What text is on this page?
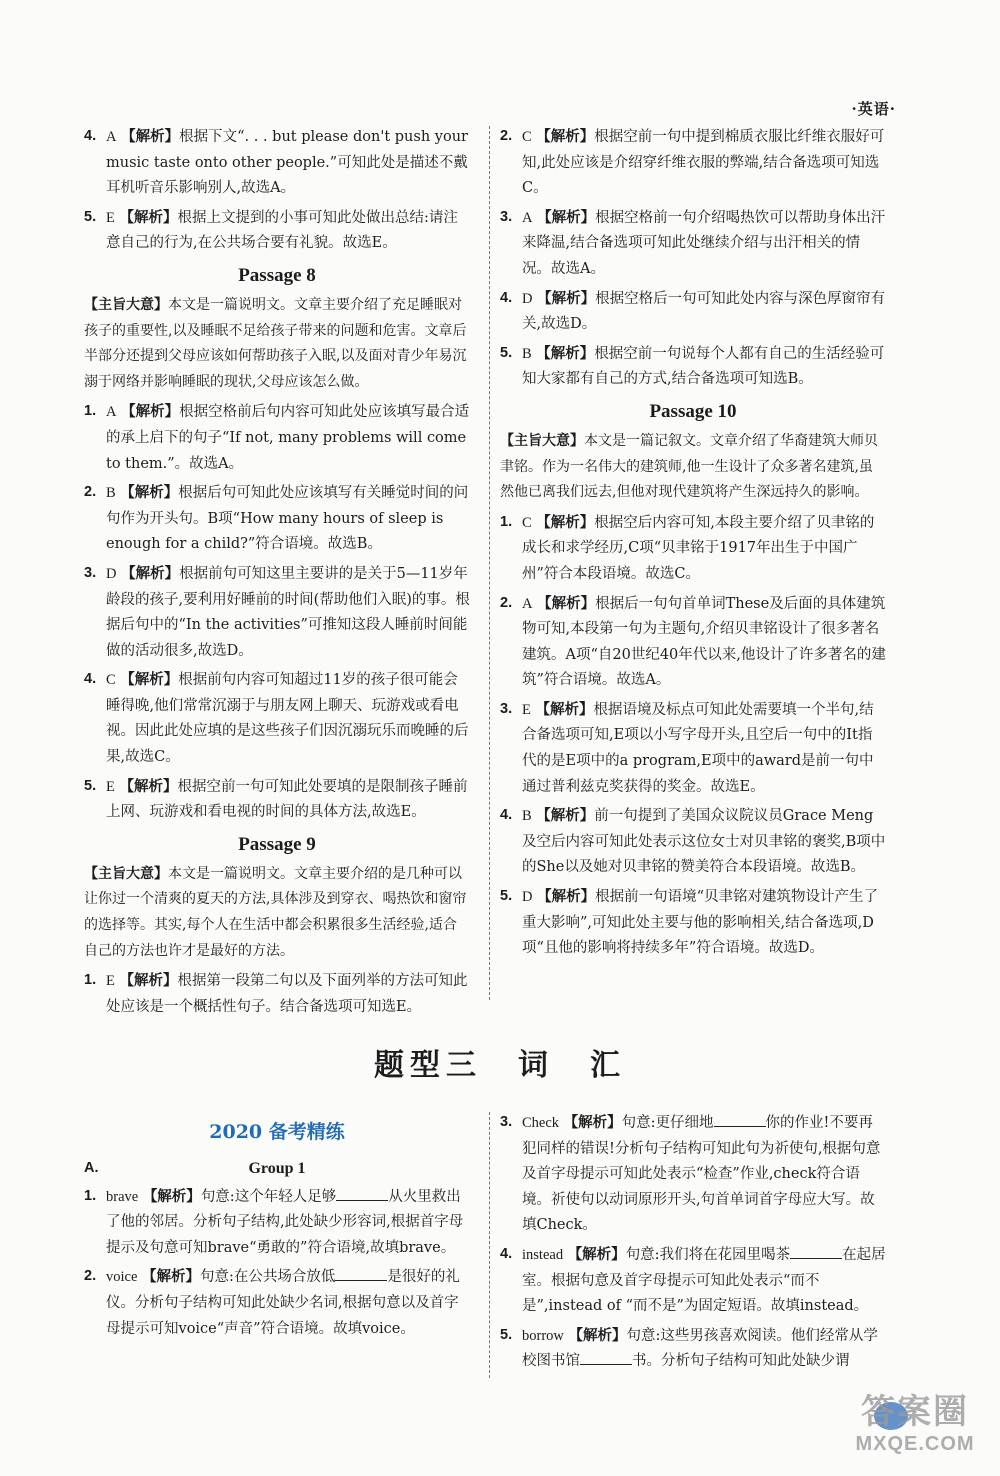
·英语·
4. A 【解析】根据下文“. . . but please don't push your music taste onto other people.”可知此处是描述不戴耳机听音乐影响别人,故选A。
5. E 【解析】根据上文提到的小事可知此处做出总结:请注意自己的行为,在公共场合要有礼貌。故选E。
Passage 8
【主旨大意】本文是一篇说明文。文章主要介绍了充足睡眠对孩子的重要性,以及睡眠不足给孩子带来的问题和危害。文章后半部分还提到父母应该如何帮助孩子入眠,以及面对青少年易沉溺于网络并影响睡眠的现状,父母应该怎么做。
1. A 【解析】根据空格前后句内容可知此处应该填写最合适的承上启下的句子“If not, many problems will come to them.”。故选A。
2. B 【解析】根据后句可知此处应该填写有关睡觉时间的问句作为开头句。B项“How many hours of sleep is enough for a child?”符合语境。故选B。
3. D 【解析】根据前句可知这里主要讲的是关于5—11岁年龄段的孩子,要利用好睡前的时间(帮助他们入眠)的事。根据后句中的“In the activities”可推知这段人睡前时间能做的活动很多,故选D。
4. C 【解析】根据前句内容可知超过11岁的孩子很可能会睡得晚,他们常常沉溺于与朋友网上聊天、玩游戏或看电视。因此此处应填的是这些孩子们因沉溺玩乐而晚睡的后果,故选C。
5. E 【解析】根据空前一句可知此处要填的是限制孩子睡前上网、玩游戏和看电视的时间的具体方法,故选E。
Passage 9
【主旨大意】本文是一篇说明文。文章主要介绍的是几种可以让你过一个清爽的夏天的方法,具体涉及到穿衣、喝热饮和窗帘的选择等。其实,每个人在生活中都会积累很多生活经验,适合自己的方法也许才是最好的方法。
1. E 【解析】根据第一段第二句以及下面列举的方法可知此处应该是一个概括性句子。结合备选项可知选E。
2. C 【解析】根据空前一句中提到棉质衣服比纤维衣服好可知,此处应该是介绍穿纤维衣服的弊端,结合备选项可知选C。
3. A 【解析】根据空格前一句介绍喝热饮可以帮助身体出汗来降温,结合备选项可知此处继续介绍与出汗相关的情况。故选A。
4. D 【解析】根据空格后一句可知此处内容与深色厚窗帘有关,故选D。
5. B 【解析】根据空前一句说每个人都有自己的生活经验可知大家都有自己的方式,结合备选项可知选B。
Passage 10
【主旨大意】本文是一篇记叙文。文章介绍了华裔建筑大师贝聿铭。作为一名伟大的建筑师,他一生设计了众多著名建筑,虽然他已离我们远去,但他对现代建筑将产生深远持久的影响。
1. C 【解析】根据空后内容可知,本段主要介绍了贝聿铭的成长和求学经历,C项“贝聿铭于1917年出生于中国广州”符合本段语境。故选C。
2. A 【解析】根据后一句句首单词These及后面的具体建筑物可知,本段第一句为主题句,介绍贝聿铭设计了很多著名建筑。A项“自20世纪40年代以来,他设计了许多著名的建筑”符合语境。故选A。
3. E 【解析】根据语境及标点可知此处需要填一个半句,结合备选项可知,E项以小写字母开头,且空后一句中的It指代的是E项中的a program,E项中的award是前一句中通过普利兹克奖获得的奖金。故选E。
4. B 【解析】前一句提到了美国众议院议员Grace Meng及空后内容可知此处表示这位女士对贝聿铭的褒奖,B项中的She以及她对贝聿铭的赞美符合本段语境。故选B。
5. D 【解析】根据前一句语境“贝聿铭对建筑物设计产生了重大影响”,可知此处主要与他的影响相关,结合备选项,D项“且他的影响将持续多年”符合语境。故选D。
题型三　词　汇
2020 备考精练
A.	Group 1
1. brave 【解析】句意:这个年轻人足够	从火里救出了他的邻居。分析句子结构,此处缺少形容词,根据首字母提示及句意可知brave“勇敢的”符合语境,故填brave。
2. voice 【解析】句意:在公共场合放低	是很好的礼仪。分析句子结构可知此处缺少名词,根据句意以及首字母提示可知voice“声音”符合语境。故填voice。
3. Check 【解析】句意:更仔细地	你的作业!不要再犯同样的错误!分析句子结构可知此句为祈使句,根据句意及首字母提示可知此处表示“检查”作业,check符合语境。祈使句以动词原形开头,句首单词首字母应大写。故填Check。
4. instead 【解析】句意:我们将在花园里喝茶	在起居室。根据句意及首字母提示可知此处表示“而不是”,instead of “而不是”为固定短语。故填instead。
5. borrow 【解析】句意:这些男孩喜欢阅读。他们经常从学校图书馆	书。分析句子结构可知此处缺少谓
答案圈
MXQE.COM
